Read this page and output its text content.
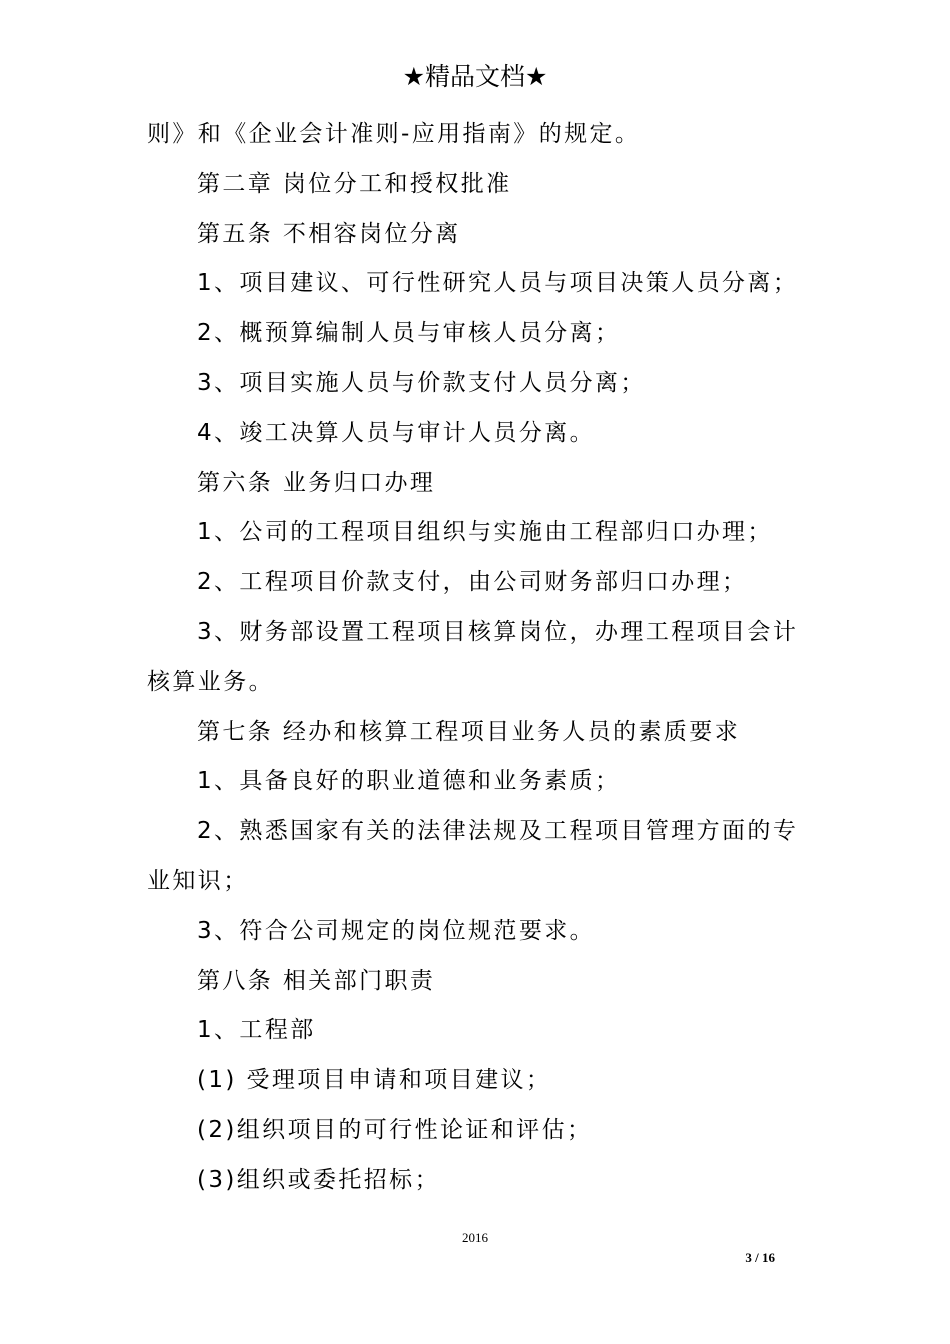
★精品文档★
则》和《企业会计准则-应用指南》的规定。
第二章 岗位分工和授权批准
第五条 不相容岗位分离
1、项目建议、可行性研究人员与项目决策人员分离；
2、概预算编制人员与审核人员分离；
3、项目实施人员与价款支付人员分离；
4、竣工决算人员与审计人员分离。
第六条 业务归口办理
1、公司的工程项目组织与实施由工程部归口办理；
2、工程项目价款支付，由公司财务部归口办理；
3、财务部设置工程项目核算岗位，办理工程项目会计
核算业务。
第七条 经办和核算工程项目业务人员的素质要求
1、具备良好的职业道德和业务素质；
2、熟悉国家有关的法律法规及工程项目管理方面的专
业知识；
3、符合公司规定的岗位规范要求。
第八条 相关部门职责
1、工程部
(1) 受理项目申请和项目建议；
(2)组织项目的可行性论证和评估；
(3)组织或委托招标；
2016
3 / 16
